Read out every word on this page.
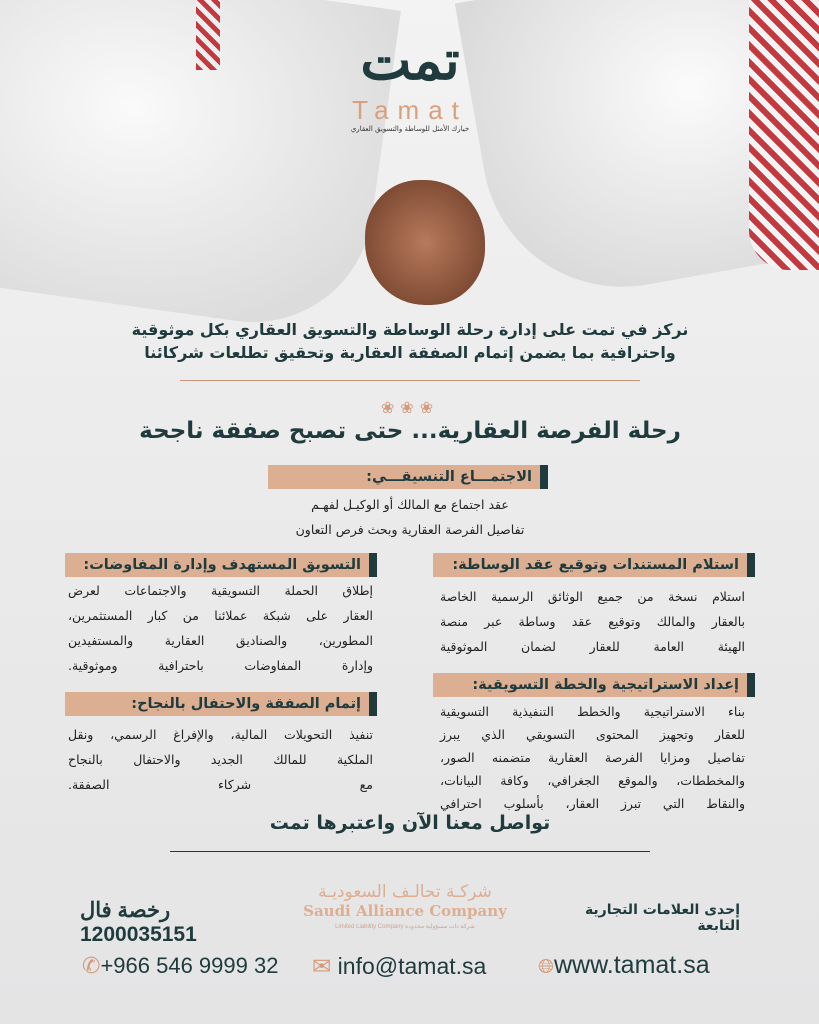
تمت
Tamat
خيارك الأمثل للوساطة والتسويق العقاري
نركز في تمت على إدارة رحلة الوساطة والتسويق العقاري بكل موثوقية
واحترافية بما يضمن إتمام الصفقة العقارية وتحقيق تطلعات شركائنا
❀❀❀
رحلة الفرصة العقارية... حتى تصبح صفقة ناجحة
الاجتمـــاع التنسيقـــي:
عقد اجتماع مع المالك أو الوكيـل لفهـم
تفاصيل الفرصة العقارية وبحث فرص التعاون
استلام المستندات وتوقيع عقد الوساطة:
استلام نسخة من جميع الوثائق الرسمية الخاصة
بالعقار والمالك وتوقيع عقد وساطة عبر منصة
الهيئة العامة للعقار لضمان الموثوقية
التسويق المستهدف وإدارة المفاوضات:
إطلاق الحملة التسويقية والاجتماعات لعرض
العقار على شبكة عملائنا من كبار المستثمرين،
المطورين، والصناديق العقارية والمستفيدين
وإدارة المفاوضات باحترافية وموثوقية.
إعداد الاستراتيجية والخطة التسويقية:
بناء الاستراتيجية والخطط التنفيذية التسويقية
للعقار وتجهيز المحتوى التسويقي الذي يبرز
تفاصيل ومزايا الفرصة العقارية متضمنه الصور،
والمخططات، والموقع الجغرافي، وكافة البيانات،
والنقاط التي تبرز العقار، بأسلوب احترافي
إتمام الصفقة والاحتفال بالنجاح:
تنفيذ التحويلات المالية، والإفراغ الرسمي، ونقل
الملكية للمالك الجديد والاحتفال بالنجاح
مع شركاء الصفقة.
تواصل معنا الآن واعتبرها تمت
رخصة فال 1200035151
شركـة تحالـف السعوديـة
Saudi Alliance Company
Limited Liability Company شركة ذات مسؤولية محدودة
إحدى العلامات التجارية التابعة
✆+966 546 9999 32 ✉ info@tamat.sa	🌐︎www.tamat.sa
